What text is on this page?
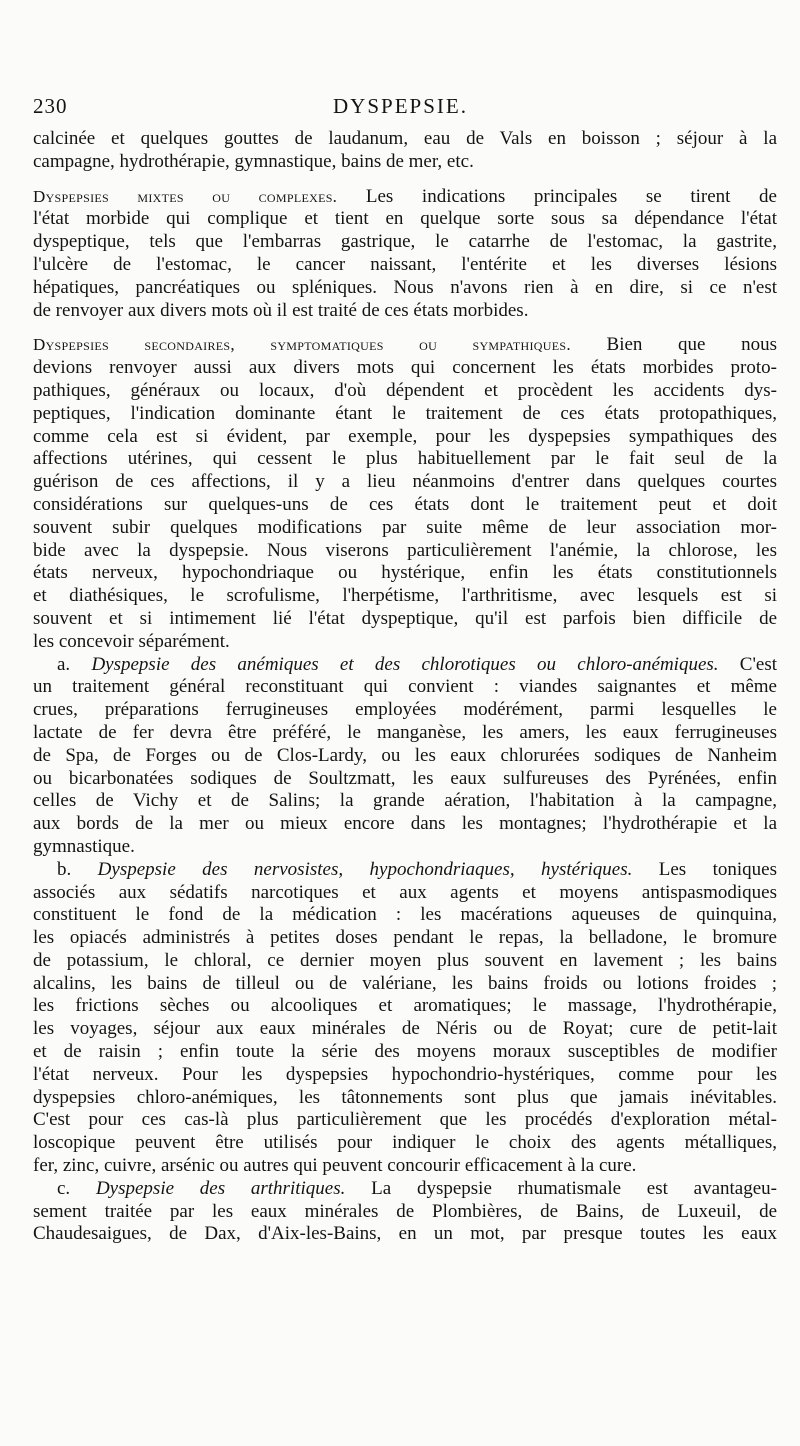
230	DYSPEPSIE.
calcinée et quelques gouttes de laudanum, eau de Vals en boisson ; séjour à la
campagne, hydrothérapie, gymnastique, bains de mer, etc.
Dyspepsies mixtes ou complexes. Les indications principales se tirent de
l'état morbide qui complique et tient en quelque sorte sous sa dépendance l'état
dyspeptique, tels que l'embarras gastrique, le catarrhe de l'estomac, la gastrite,
l'ulcère de l'estomac, le cancer naissant, l'entérite et les diverses lésions
hépatiques, pancréatiques ou spléniques. Nous n'avons rien à en dire, si ce n'est
de renvoyer aux divers mots où il est traité de ces états morbides.
Dyspepsies secondaires, symptomatiques ou sympathiques. Bien que nous
devions renvoyer aussi aux divers mots qui concernent les états morbides proto-
pathiques, généraux ou locaux, d'où dépendent et procèdent les accidents dys-
peptiques, l'indication dominante étant le traitement de ces états protopathiques,
comme cela est si évident, par exemple, pour les dyspepsies sympathiques des
affections utérines, qui cessent le plus habituellement par le fait seul de la
guérison de ces affections, il y a lieu néanmoins d'entrer dans quelques courtes
considérations sur quelques-uns de ces états dont le traitement peut et doit
souvent subir quelques modifications par suite même de leur association mor-
bide avec la dyspepsie. Nous viserons particulièrement l'anémie, la chlorose, les
états nerveux, hypochondriaque ou hystérique, enfin les états constitutionnels
et diathésiques, le scrofulisme, l'herpétisme, l'arthritisme, avec lesquels est si
souvent et si intimement lié l'état dyspeptique, qu'il est parfois bien difficile de
les concevoir séparément.
a. Dyspepsie des anémiques et des chlorotiques ou chloro-anémiques. C'est
un traitement général reconstituant qui convient : viandes saignantes et même
crues, préparations ferrugineuses employées modérément, parmi lesquelles le
lactate de fer devra être préféré, le manganèse, les amers, les eaux ferrugineuses
de Spa, de Forges ou de Clos-Lardy, ou les eaux chlorurées sodiques de Nanheim
ou bicarbonatées sodiques de Soultzmatt, les eaux sulfureuses des Pyrénées, enfin
celles de Vichy et de Salins; la grande aération, l'habitation à la campagne,
aux bords de la mer ou mieux encore dans les montagnes; l'hydrothérapie et la
gymnastique.
b. Dyspepsie des nervosistes, hypochondriaques, hystériques. Les toniques
associés aux sédatifs narcotiques et aux agents et moyens antispasmodiques
constituent le fond de la médication : les macérations aqueuses de quinquina,
les opiacés administrés à petites doses pendant le repas, la belladone, le bromure
de potassium, le chloral, ce dernier moyen plus souvent en lavement ; les bains
alcalins, les bains de tilleul ou de valériane, les bains froids ou lotions froides ;
les frictions sèches ou alcooliques et aromatiques; le massage, l'hydrothérapie,
les voyages, séjour aux eaux minérales de Néris ou de Royat; cure de petit-lait
et de raisin ; enfin toute la série des moyens moraux susceptibles de modifier
l'état nerveux. Pour les dyspepsies hypochondrio-hystériques, comme pour les
dyspepsies chloro-anémiques, les tâtonnements sont plus que jamais inévitables.
C'est pour ces cas-là plus particulièrement que les procédés d'exploration métal-
loscopique peuvent être utilisés pour indiquer le choix des agents métalliques,
fer, zinc, cuivre, arsénic ou autres qui peuvent concourir efficacement à la cure.
c. Dyspepsie des arthritiques. La dyspepsie rhumatismale est avantageu-
sement traitée par les eaux minérales de Plombières, de Bains, de Luxeuil, de
Chaudesaigues, de Dax, d'Aix-les-Bains, en un mot, par presque toutes les eaux
